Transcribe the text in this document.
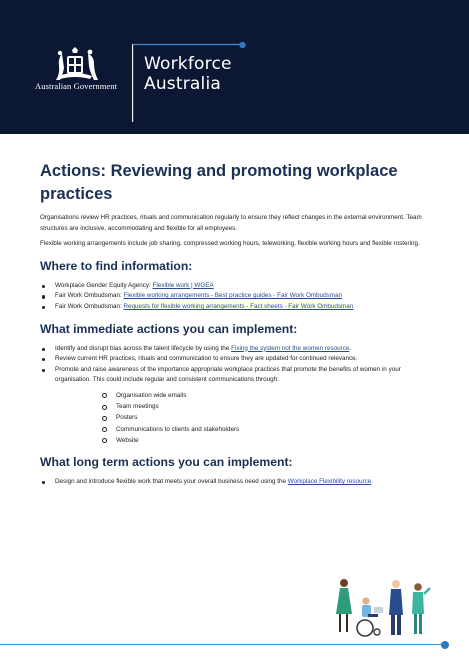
Australian Government
Workforce
Australia
Actions: Reviewing and promoting workplace practices

Organisations review HR practices, rituals and communication regularly to ensure they reflect changes in the external environment. Team structures are inclusive, accommodating and flexible for all employees.

Flexible working arrangements include job sharing, compressed working hours, teleworking, flexible working hours and flexible rostering.

Where to find information:
Workplace Gender Equity Agency: Flexible work | WGEA
Fair Work Ombudsman: Flexible working arrangements - Best practice guides - Fair Work Ombudsman
Fair Work Ombudsman: Requests for flexible working arrangements - Fact sheets - Fair Work Ombudsman
What immediate actions you can implement:
Identify and disrupt bias across the talent lifecycle by using the Fixing the system not the women resource.
Review current HR practices, rituals and communication to ensure they are updated for continued relevance.
Promote and raise awareness of the importance appropriate workplace practices that promote the benefits of women in your organisation. This could include regular and consistent communications through:
Organisation wide emails
Team meetings
Posters
Communications to clients and stakeholders
Website
What long term actions you can implement:
Design and introduce flexible work that meets your overall business need using the Workplace Flexibility resource.
